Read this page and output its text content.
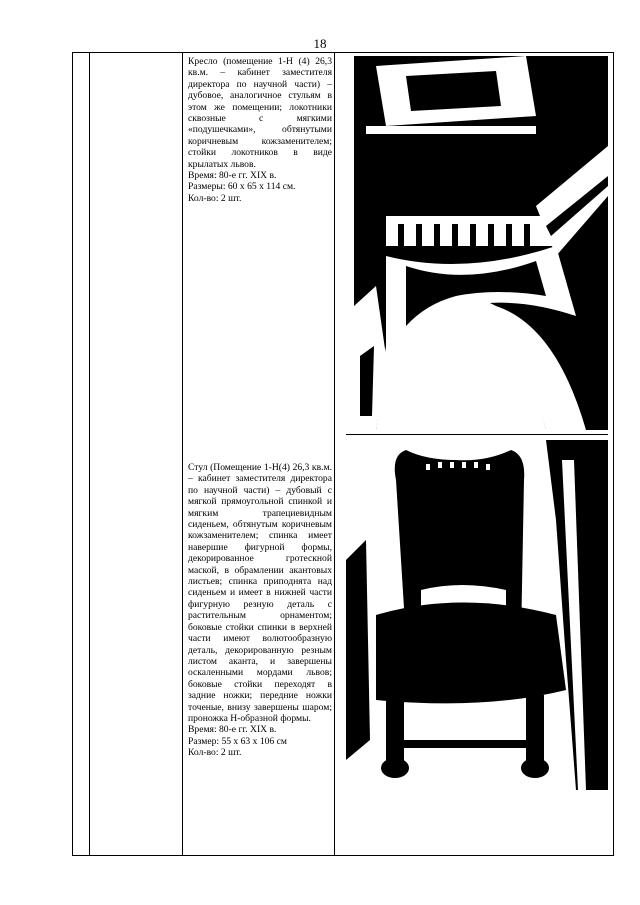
18

Кресло (помещение 1-Н (4) 26,3 кв.м. – кабинет заместителя директора по научной части) – дубовое, аналогичное стульям в этом же помещении; локотники сквозные с мягкими «подушечками», обтянутыми коричневым кожзаменителем; стойки локотников в виде крылатых львов.

Время: 80-е гг. XIX в.

Размеры: 60 х 65 х 114 см.

Кол-во: 2 шт.

Стул (Помещение 1-Н(4) 26,3 кв.м. – кабинет заместителя директора по научной части) – дубовый с мягкой прямоугольной спинкой и мягким трапециевидным сиденьем, обтянутым коричневым кожзаменителем; спинка имеет навершие фигурной формы, декорированное гротескной маской, в обрамлении акантовых листьев; спинка приподнята над сиденьем и имеет в нижней части фигурную резную деталь с растительным орнаментом; боковые стойки спинки в верхней части имеют волютообразную деталь, декорированную резным листом аканта, и завершены оскаленными мордами львов; боковые стойки переходят в задние ножки; передние ножки точеные, внизу завершены шаром; проножка Н-образной формы.

Время: 80-е гг. XIX в.

Размер: 55 х 63 х 106 см

Кол-во: 2 шт.
